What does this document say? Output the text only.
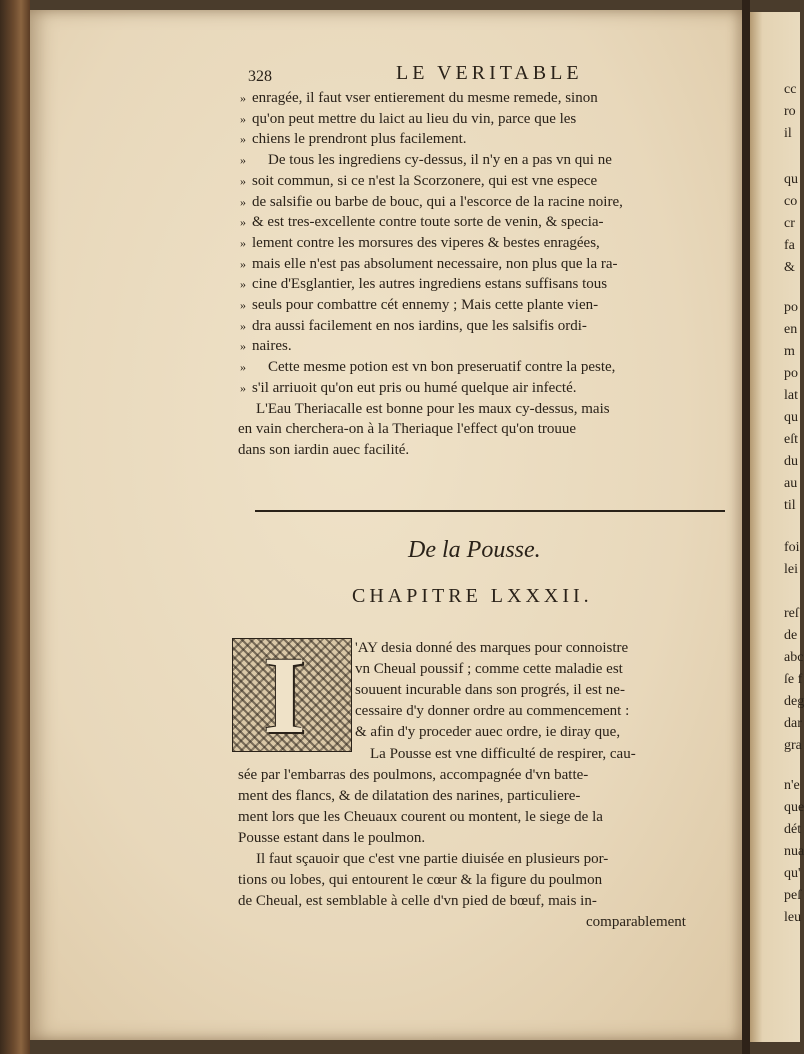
cc
ro
il
qu
co
cr
fa
&
po
en
m
po
lat
qu
eſt
du
au
til
foi
lei
reſ
de
abc
ſe f
deg
dar
gra
n'e
que
dét
nua
qu'
peſ
leu
328	LE VERITABLE
» enragée, il faut vser entierement du mesme remede, sinon
» qu'on peut mettre du laict au lieu du vin, parce que les
» chiens le prendront plus facilement.
» De tous les ingrediens cy-dessus, il n'y en a pas vn qui ne
» soit commun, si ce n'est la Scorzonere, qui est vne espece
» de salsifie ou barbe de bouc, qui a l'escorce de la racine noire,
» & est tres-excellente contre toute sorte de venin, & specia-
» lement contre les morsures des viperes & bestes enragées,
» mais elle n'est pas absolument necessaire, non plus que la ra-
» cine d'Esglantier, les autres ingrediens estans suffisans tous
» seuls pour combattre cét ennemy ; Mais cette plante vien-
» dra aussi facilement en nos iardins, que les salsifis ordi-
» naires.
» Cette mesme potion est vn bon preseruatif contre la peste,
» s'il arriuoit qu'on eut pris ou humé quelque air infecté.
L'Eau Theriacalle est bonne pour les maux cy-dessus, mais
en vain cherchera-on à la Theriaque l'effect qu'on trouue
dans son iardin auec facilité.
De la Pousse.
CHAPITRE LXXXII.
I	'AY desia donné des marques pour connoistre
vn Cheual poussif ; comme cette maladie est
souuent incurable dans son progrés, il est ne-
cessaire d'y donner ordre au commencement :
& afin d'y proceder auec ordre, ie diray que,
La Pousse est vne difficulté de respirer, cau-
sée par l'embarras des poulmons, accompagnée d'vn batte-
ment des flancs, & de dilatation des narines, particuliere-
ment lors que les Cheuaux courent ou montent, le siege de la
Pousse estant dans le poulmon.
Il faut sçauoir que c'est vne partie diuisée en plusieurs por-
tions ou lobes, qui entourent le cœur & la figure du poulmon
de Cheual, est semblable à celle d'vn pied de bœuf, mais in-
comparablement
